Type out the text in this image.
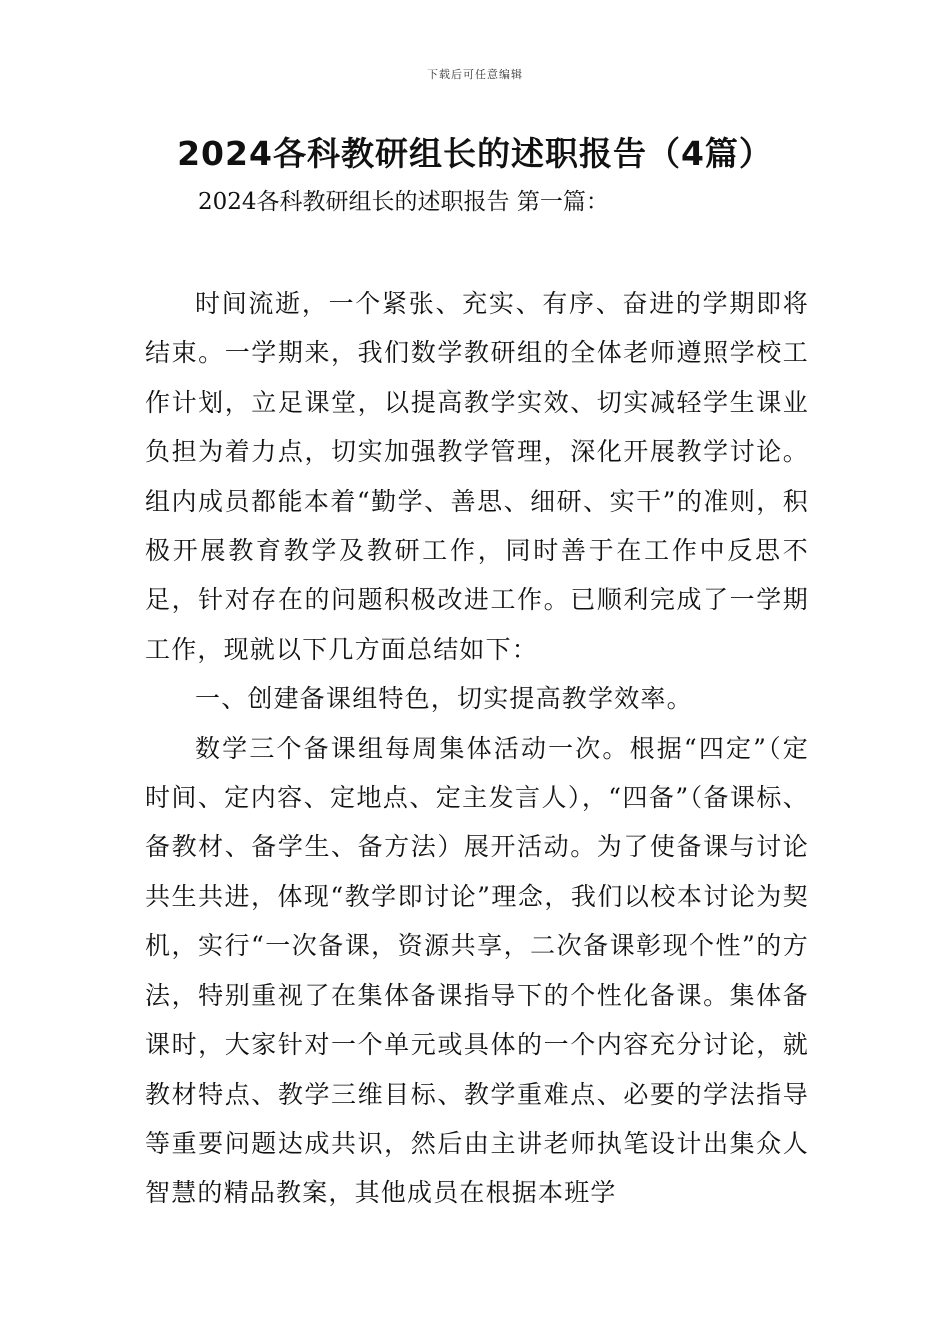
下载后可任意编辑
2024各科教研组长的述职报告（4篇）

2024各科教研组长的述职报告 第一篇：

时间流逝，一个紧张、充实、有序、奋进的学期即将结束。一学期来，我们数学教研组的全体老师遵照学校工作计划，立足课堂，以提高教学实效、切实减轻学生课业负担为着力点，切实加强教学管理，深化开展教学讨论。组内成员都能本着“勤学、善思、细研、实干”的准则，积极开展教育教学及教研工作，同时善于在工作中反思不足，针对存在的问题积极改进工作。已顺利完成了一学期工作，现就以下几方面总结如下：

一、创建备课组特色，切实提高教学效率。

数学三个备课组每周集体活动一次。根据“四定”（定时间、定内容、定地点、定主发言人），“四备”（备课标、备教材、备学生、备方法）展开活动。为了使备课与讨论共生共进，体现“教学即讨论”理念，我们以校本讨论为契机，实行“一次备课，资源共享，二次备课彰现个性”的方法，特别重视了在集体备课指导下的个性化备课。集体备课时，大家针对一个单元或具体的一个内容充分讨论，就教材特点、教学三维目标、教学重难点、必要的学法指导等重要问题达成共识，然后由主讲老师执笔设计出集众人智慧的精品教案，其他成员在根据本班学
